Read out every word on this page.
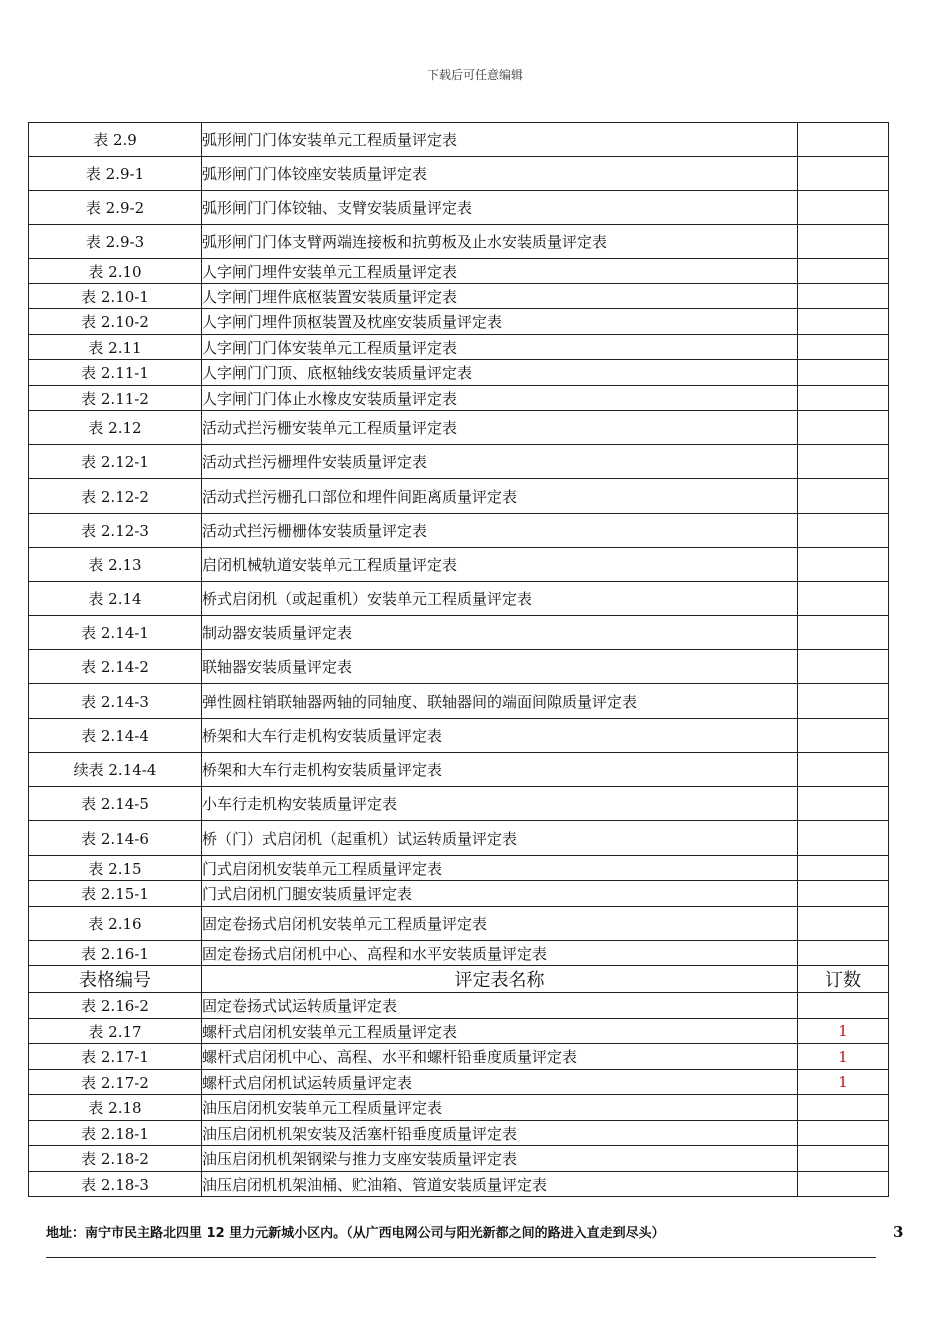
下载后可任意编辑
表 2.9	弧形闸门门体安装单元工程质量评定表	
表 2.9-1	弧形闸门门体铰座安装质量评定表	
表 2.9-2	弧形闸门门体铰轴、支臂安装质量评定表	
表 2.9-3	弧形闸门门体支臂两端连接板和抗剪板及止水安装质量评定表	
表 2.10	人字闸门埋件安装单元工程质量评定表	
表 2.10-1	人字闸门埋件底枢装置安装质量评定表	
表 2.10-2	人字闸门埋件顶枢装置及枕座安装质量评定表	
表 2.11	人字闸门门体安装单元工程质量评定表	
表 2.11-1	人字闸门门顶、底枢轴线安装质量评定表	
表 2.11-2	人字闸门门体止水橡皮安装质量评定表	
表 2.12	活动式拦污栅安装单元工程质量评定表	
表 2.12-1	活动式拦污栅埋件安装质量评定表	
表 2.12-2	活动式拦污栅孔口部位和埋件间距离质量评定表	
表 2.12-3	活动式拦污栅栅体安装质量评定表	
表 2.13	启闭机械轨道安装单元工程质量评定表	
表 2.14	桥式启闭机（或起重机）安装单元工程质量评定表	
表 2.14-1	制动器安装质量评定表	
表 2.14-2	联轴器安装质量评定表	
表 2.14-3	弹性圆柱销联轴器两轴的同轴度、联轴器间的端面间隙质量评定表	
表 2.14-4	桥架和大车行走机构安装质量评定表	
续表 2.14-4	桥架和大车行走机构安装质量评定表	
表 2.14-5	小车行走机构安装质量评定表	
表 2.14-6	桥（门）式启闭机（起重机）试运转质量评定表	
表 2.15	门式启闭机安装单元工程质量评定表	
表 2.15-1	门式启闭机门腿安装质量评定表	
表 2.16	固定卷扬式启闭机安装单元工程质量评定表	
表 2.16-1	固定卷扬式启闭机中心、高程和水平安装质量评定表	
表格编号	评定表名称	订数
表 2.16-2	固定卷扬式试运转质量评定表	
表 2.17	螺杆式启闭机安装单元工程质量评定表	1
表 2.17-1	螺杆式启闭机中心、高程、水平和螺杆铅垂度质量评定表	1
表 2.17-2	螺杆式启闭机试运转质量评定表	1
表 2.18	油压启闭机安装单元工程质量评定表	
表 2.18-1	油压启闭机机架安装及活塞杆铅垂度质量评定表	
表 2.18-2	油压启闭机机架钢梁与推力支座安装质量评定表	
表 2.18-3	油压启闭机机架油桶、贮油箱、管道安装质量评定表	
地址：南宁市民主路北四里 12 里力元新城小区内。（从广西电网公司与阳光新都之间的路进入直走到尽头）	3
